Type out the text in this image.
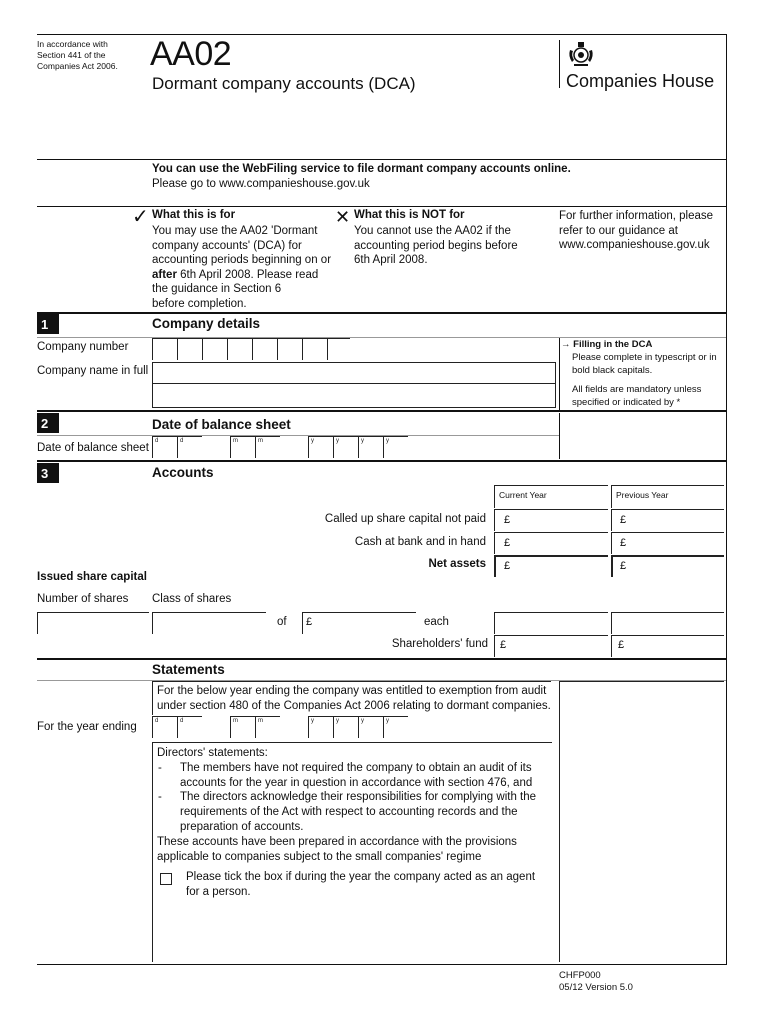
In accordance with Section 441 of the Companies Act 2006. AA02
Dormant company accounts (DCA)	Companies House
You can use the WebFiling service to file dormant company accounts online.
Please go to www.companieshouse.gov.uk
✓ What this is for
You may use the AA02 'Dormant
company accounts' (DCA) for
accounting periods beginning on or
after 6th April 2008. Please read
the guidance in Section 6
before completion.
✕ What this is NOT for
You cannot use the AA02 if the
accounting period begins before
6th April 2008.
For further information, please
refer to our guidance at
www.companieshouse.gov.uk
1	Company details
Company number
Company name in full
→ Filling in the DCA
Please complete in typescript or in
bold black capitals.
All fields are mandatory unless
specified or indicated by *
2	Date of balance sheet
Date of balance sheet
d	d	m	m	y	y	y	y
3	Accounts
Current Year	Previous Year
Called up share capital not paid £	£
Cash at bank and in hand £	£
Net assets £	£
Issued share capital
Number of shares Class of shares
of £	each
Shareholders' fund £	£
Statements
For the below year ending the company was entitled to exemption from audit
under section 480 of the Companies Act 2006 relating to dormant companies.
For the year ending	d	d	m	m	y	y	y	y
Directors' statements:
- The members have not required the company to obtain an audit of its
accounts for the year in question in accordance with section 476, and
- The directors acknowledge their responsibilities for complying with the
requirements of the Act with respect to accounting records and the
preparation of accounts.
These accounts have been prepared in accordance with the provisions
applicable to companies subject to the small companies' regime
Please tick the box if during the year the company acted as an agent
for a person.
CHFP000
05/12 Version 5.0
